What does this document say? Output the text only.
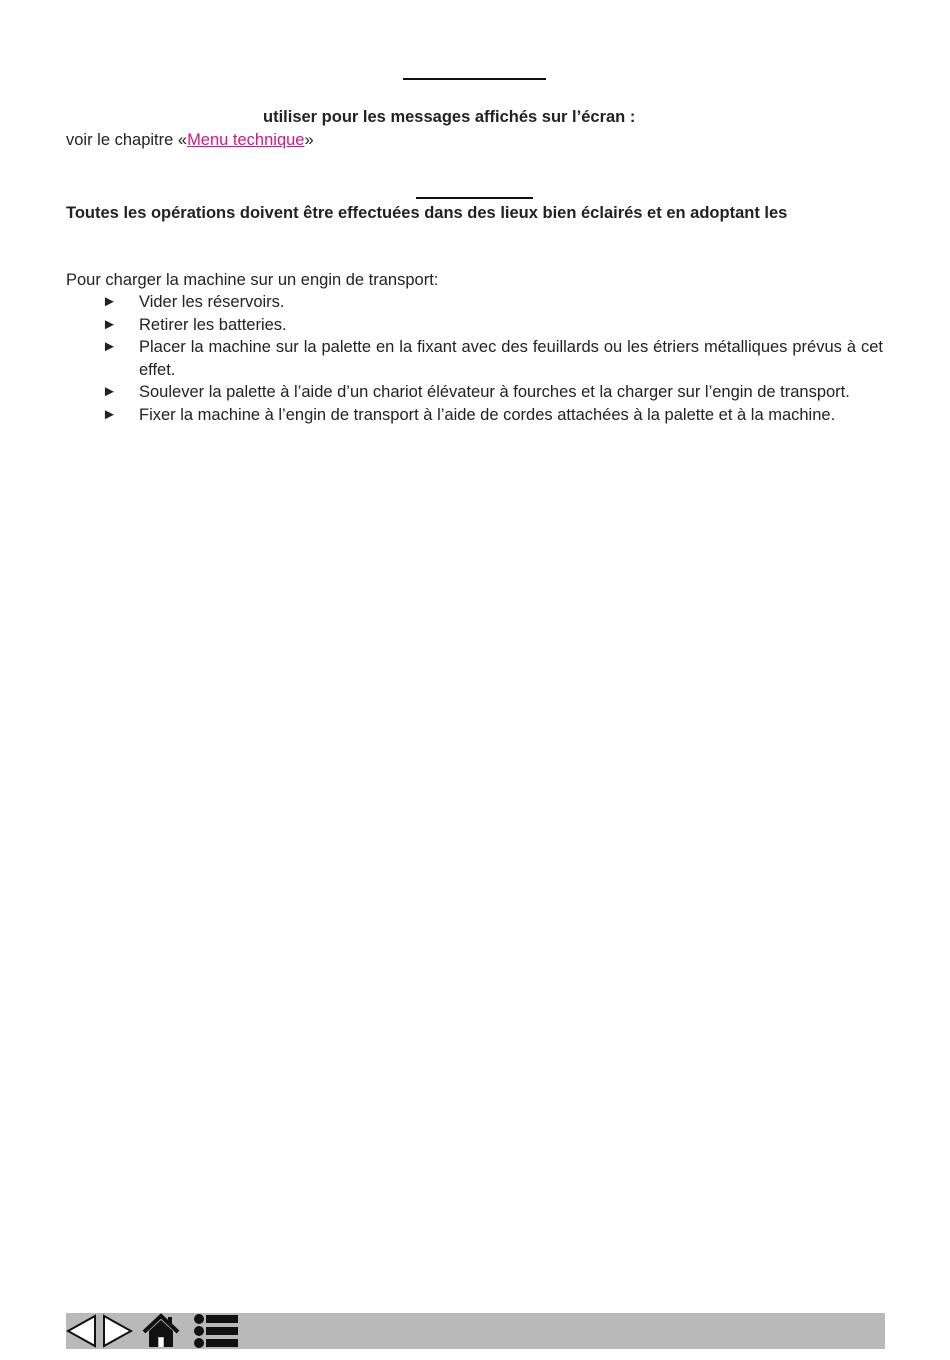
utiliser pour les messages affichés sur l’écran :
voir le chapitre «Menu technique»
Toutes les opérations doivent être effectuées dans des lieux bien éclairés et en adoptant les
Pour charger la machine sur un engin de transport:
► Vider les réservoirs.
► Retirer les batteries.
► Placer la machine sur la palette en la fixant avec des feuillards ou les étriers métalliques prévus à cet effet.
► Soulever la palette à l’aide d’un chariot élévateur à fourches et la charger sur l’engin de transport.
► Fixer la machine à l’engin de transport à l’aide de cordes attachées à la palette et à la machine.
